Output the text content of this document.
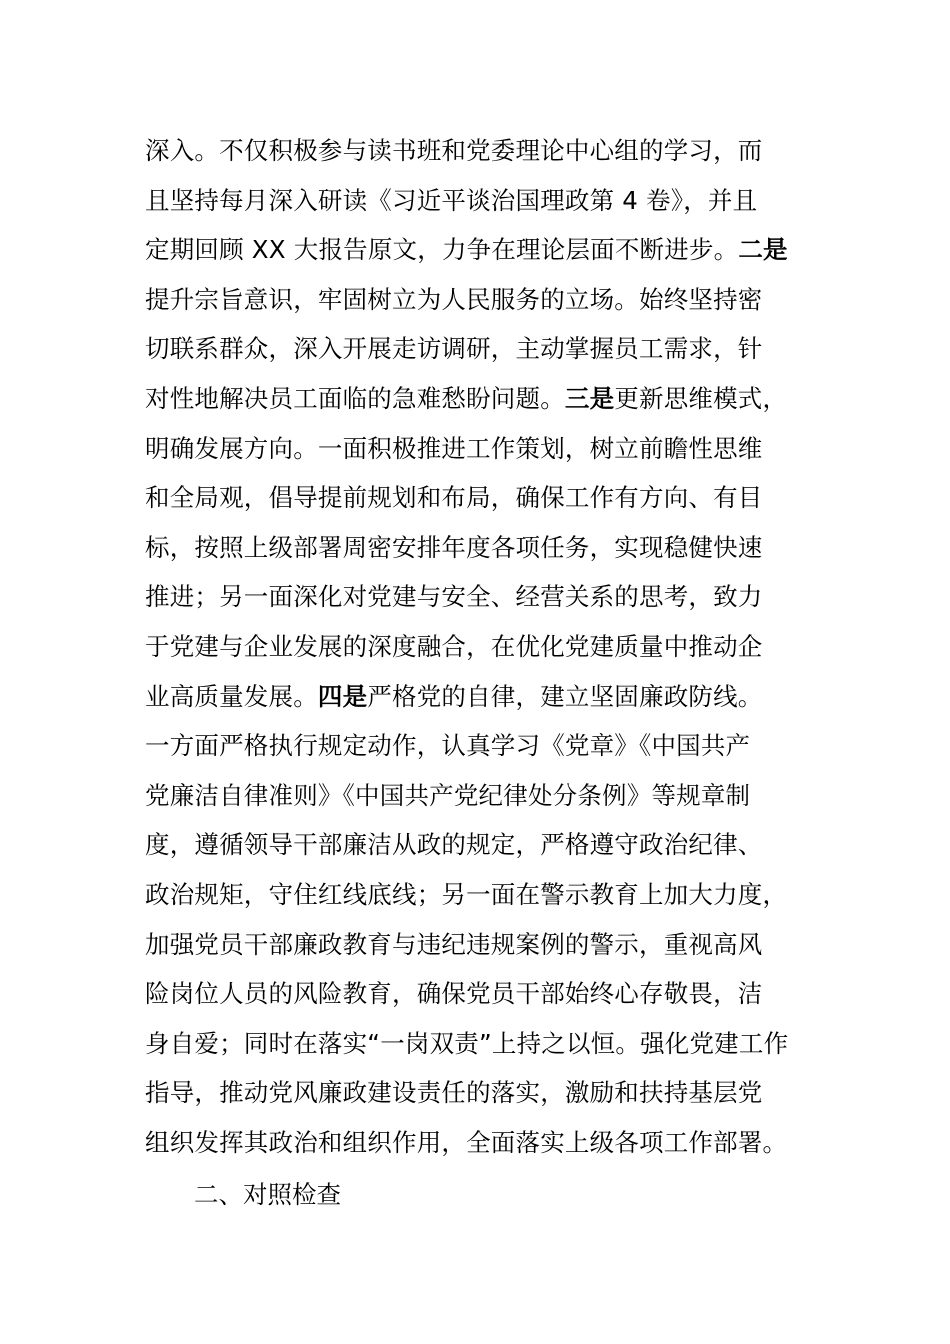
深入。不仅积极参与读书班和党委理论中心组的学习，而
且坚持每月深入研读《习近平谈治国理政第 4 卷》，并且
定期回顾 XX 大报告原文，力争在理论层面不断进步。二是
提升宗旨意识，牢固树立为人民服务的立场。始终坚持密
切联系群众，深入开展走访调研，主动掌握员工需求，针
对性地解决员工面临的急难愁盼问题。三是更新思维模式，
明确发展方向。一面积极推进工作策划，树立前瞻性思维
和全局观，倡导提前规划和布局，确保工作有方向、有目
标，按照上级部署周密安排年度各项任务，实现稳健快速
推进；另一面深化对党建与安全、经营关系的思考，致力
于党建与企业发展的深度融合，在优化党建质量中推动企
业高质量发展。四是严格党的自律，建立坚固廉政防线。
一方面严格执行规定动作，认真学习《党章》《中国共产
党廉洁自律准则》《中国共产党纪律处分条例》等规章制
度，遵循领导干部廉洁从政的规定，严格遵守政治纪律、
政治规矩，守住红线底线；另一面在警示教育上加大力度，
加强党员干部廉政教育与违纪违规案例的警示，重视高风
险岗位人员的风险教育，确保党员干部始终心存敬畏，洁
身自爱；同时在落实“一岗双责”上持之以恒。强化党建工作
指导，推动党风廉政建设责任的落实，激励和扶持基层党
组织发挥其政治和组织作用，全面落实上级各项工作部署。
二、对照检查
